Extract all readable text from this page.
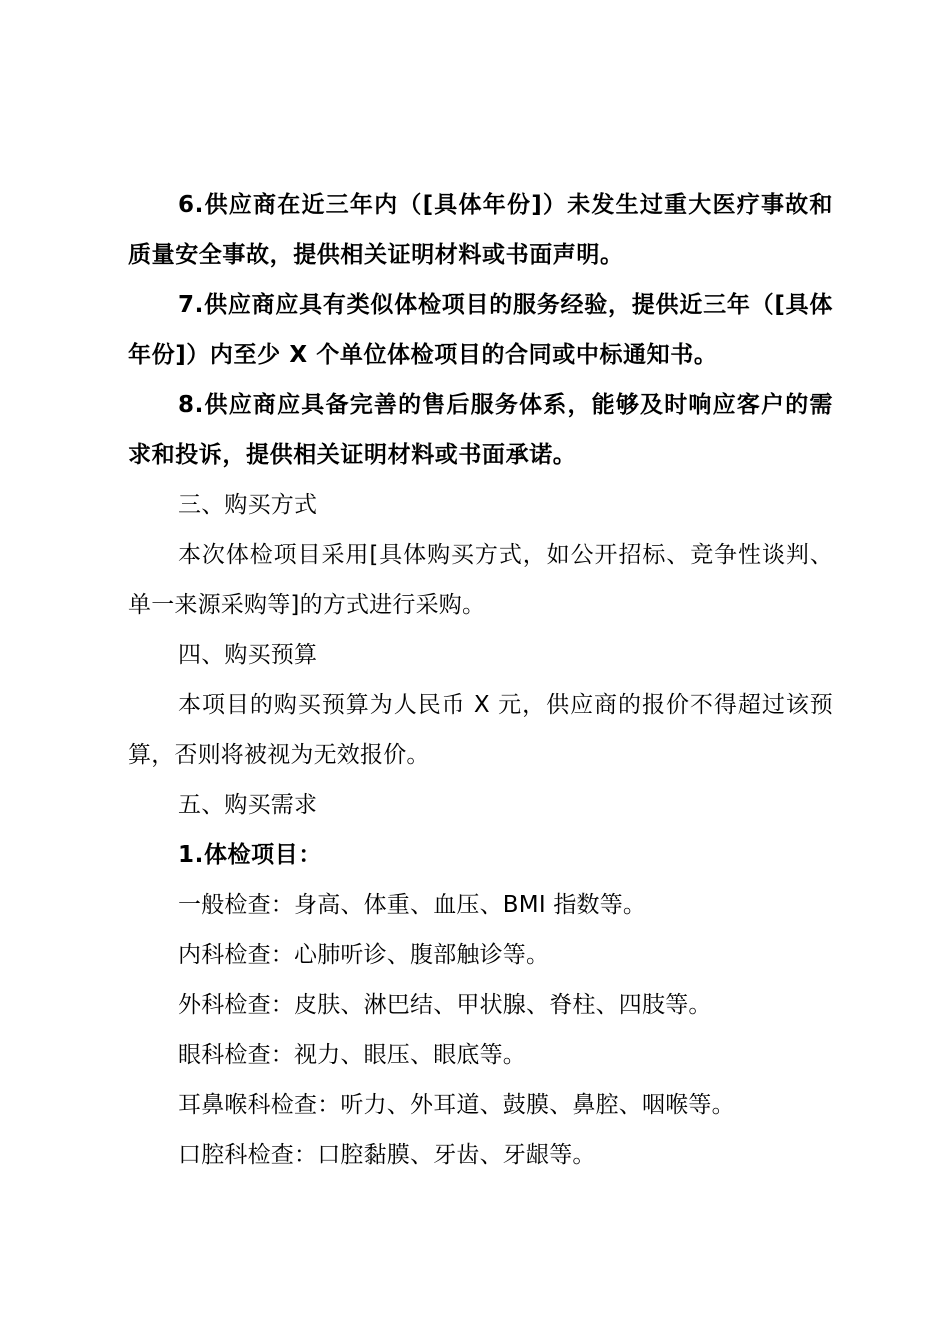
6.供应商在近三年内（[具体年份]）未发生过重大医疗事故和质量安全事故，提供相关证明材料或书面声明。

7.供应商应具有类似体检项目的服务经验，提供近三年（[具体年份]）内至少 X 个单位体检项目的合同或中标通知书。

8.供应商应具备完善的售后服务体系，能够及时响应客户的需求和投诉，提供相关证明材料或书面承诺。

三、购买方式

本次体检项目采用[具体购买方式，如公开招标、竞争性谈判、单一来源采购等]的方式进行采购。

四、购买预算

本项目的购买预算为人民币 X 元，供应商的报价不得超过该预算，否则将被视为无效报价。

五、购买需求

1.体检项目：

一般检查：身高、体重、血压、BMI 指数等。

内科检查：心肺听诊、腹部触诊等。

外科检查：皮肤、淋巴结、甲状腺、脊柱、四肢等。

眼科检查：视力、眼压、眼底等。

耳鼻喉科检查：听力、外耳道、鼓膜、鼻腔、咽喉等。

口腔科检查：口腔黏膜、牙齿、牙龈等。
